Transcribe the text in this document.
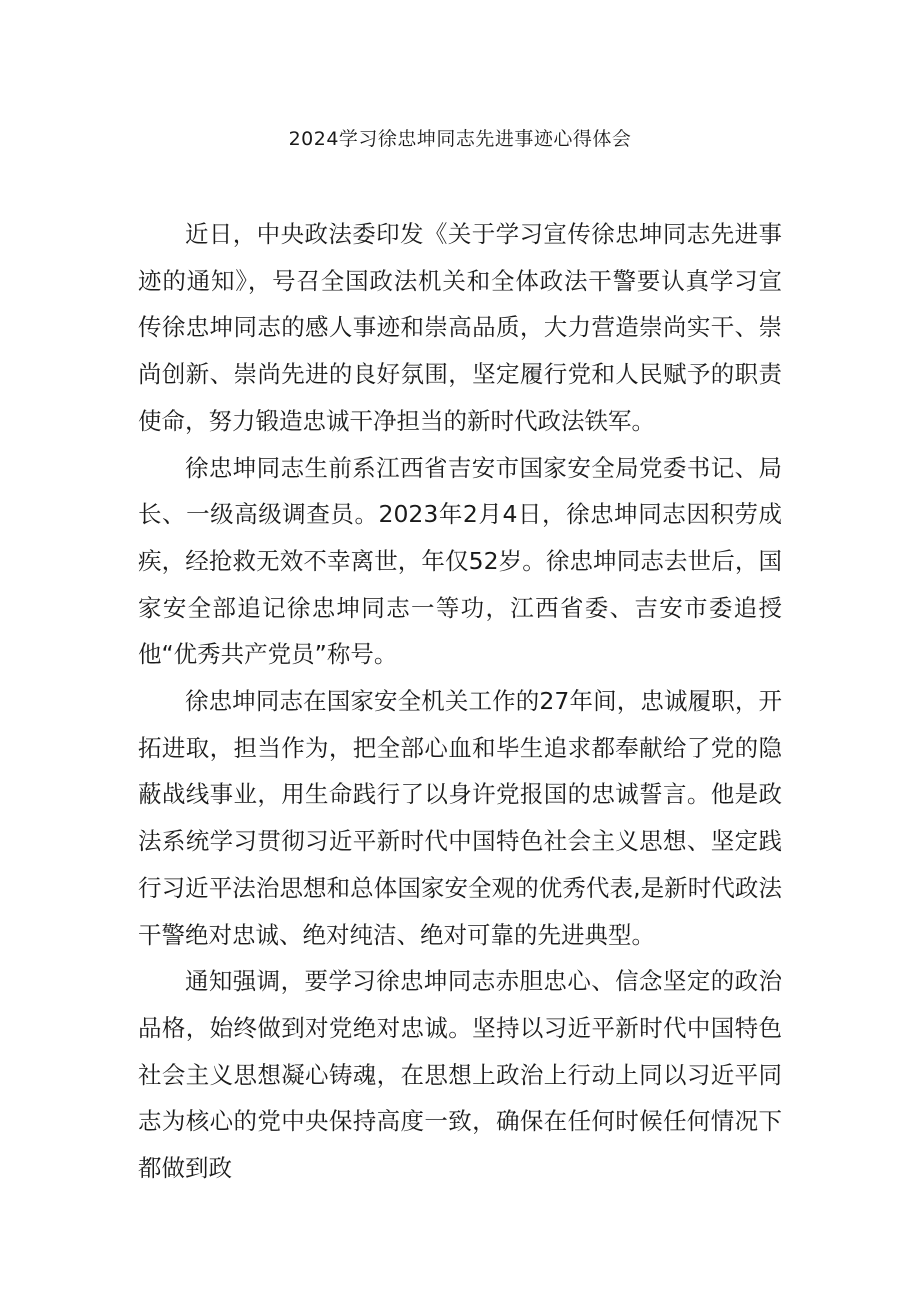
2024学习徐忠坤同志先进事迹心得体会

近日，中央政法委印发《关于学习宣传徐忠坤同志先进事迹的通知》，号召全国政法机关和全体政法干警要认真学习宣传徐忠坤同志的感人事迹和崇高品质，大力营造崇尚实干、崇尚创新、崇尚先进的良好氛围，坚定履行党和人民赋予的职责使命，努力锻造忠诚干净担当的新时代政法铁军。

徐忠坤同志生前系江西省吉安市国家安全局党委书记、局长、一级高级调查员。2023年2月4日，徐忠坤同志因积劳成疾，经抢救无效不幸离世，年仅52岁。徐忠坤同志去世后，国家安全部追记徐忠坤同志一等功，江西省委、吉安市委追授他“优秀共产党员”称号。

徐忠坤同志在国家安全机关工作的27年间，忠诚履职，开拓进取，担当作为，把全部心血和毕生追求都奉献给了党的隐蔽战线事业，用生命践行了以身许党报国的忠诚誓言。他是政法系统学习贯彻习近平新时代中国特色社会主义思想、坚定践行习近平法治思想和总体国家安全观的优秀代表,是新时代政法干警绝对忠诚、绝对纯洁、绝对可靠的先进典型。

通知强调，要学习徐忠坤同志赤胆忠心、信念坚定的政治品格，始终做到对党绝对忠诚。坚持以习近平新时代中国特色社会主义思想凝心铸魂，在思想上政治上行动上同以习近平同志为核心的党中央保持高度一致，确保在任何时候任何情况下都做到政
